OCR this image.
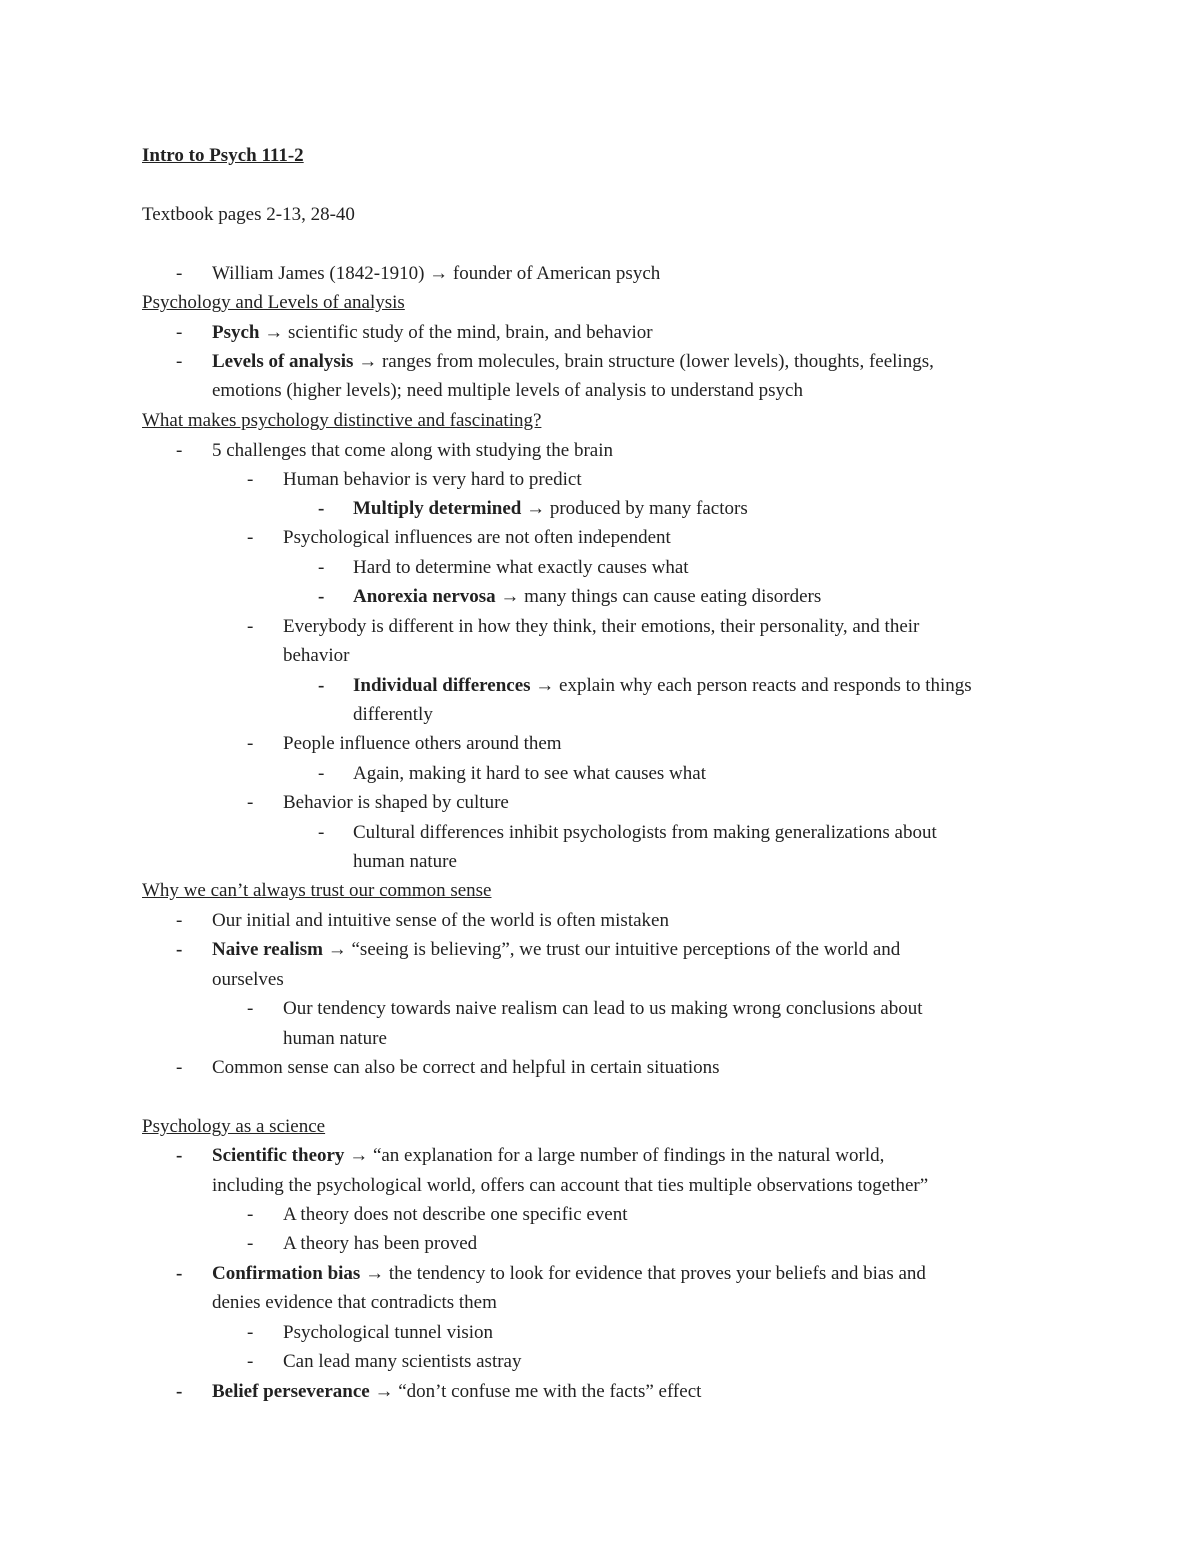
Intro to Psych 111-2
Textbook pages 2-13, 28-40
- William James (1842-1910) → founder of American psych
Psychology and Levels of analysis
- Psych → scientific study of the mind, brain, and behavior
- Levels of analysis → ranges from molecules, brain structure (lower levels), thoughts, feelings,
emotions (higher levels); need multiple levels of analysis to understand psych
What makes psychology distinctive and fascinating?
- 5 challenges that come along with studying the brain
- Human behavior is very hard to predict
- Multiply determined → produced by many factors
- Psychological influences are not often independent
- Hard to determine what exactly causes what
- Anorexia nervosa → many things can cause eating disorders
- Everybody is different in how they think, their emotions, their personality, and their
behavior
- Individual differences → explain why each person reacts and responds to things
differently
- People influence others around them
- Again, making it hard to see what causes what
- Behavior is shaped by culture
- Cultural differences inhibit psychologists from making generalizations about
human nature
Why we can’t always trust our common sense
- Our initial and intuitive sense of the world is often mistaken
- Naive realism → “seeing is believing”, we trust our intuitive perceptions of the world and
ourselves
- Our tendency towards naive realism can lead to us making wrong conclusions about
human nature
- Common sense can also be correct and helpful in certain situations
Psychology as a science
- Scientific theory → “an explanation for a large number of findings in the natural world,
including the psychological world, offers can account that ties multiple observations together”
- A theory does not describe one specific event
- A theory has been proved
- Confirmation bias → the tendency to look for evidence that proves your beliefs and bias and
denies evidence that contradicts them
- Psychological tunnel vision
- Can lead many scientists astray
- Belief perseverance → “don’t confuse me with the facts” effect
